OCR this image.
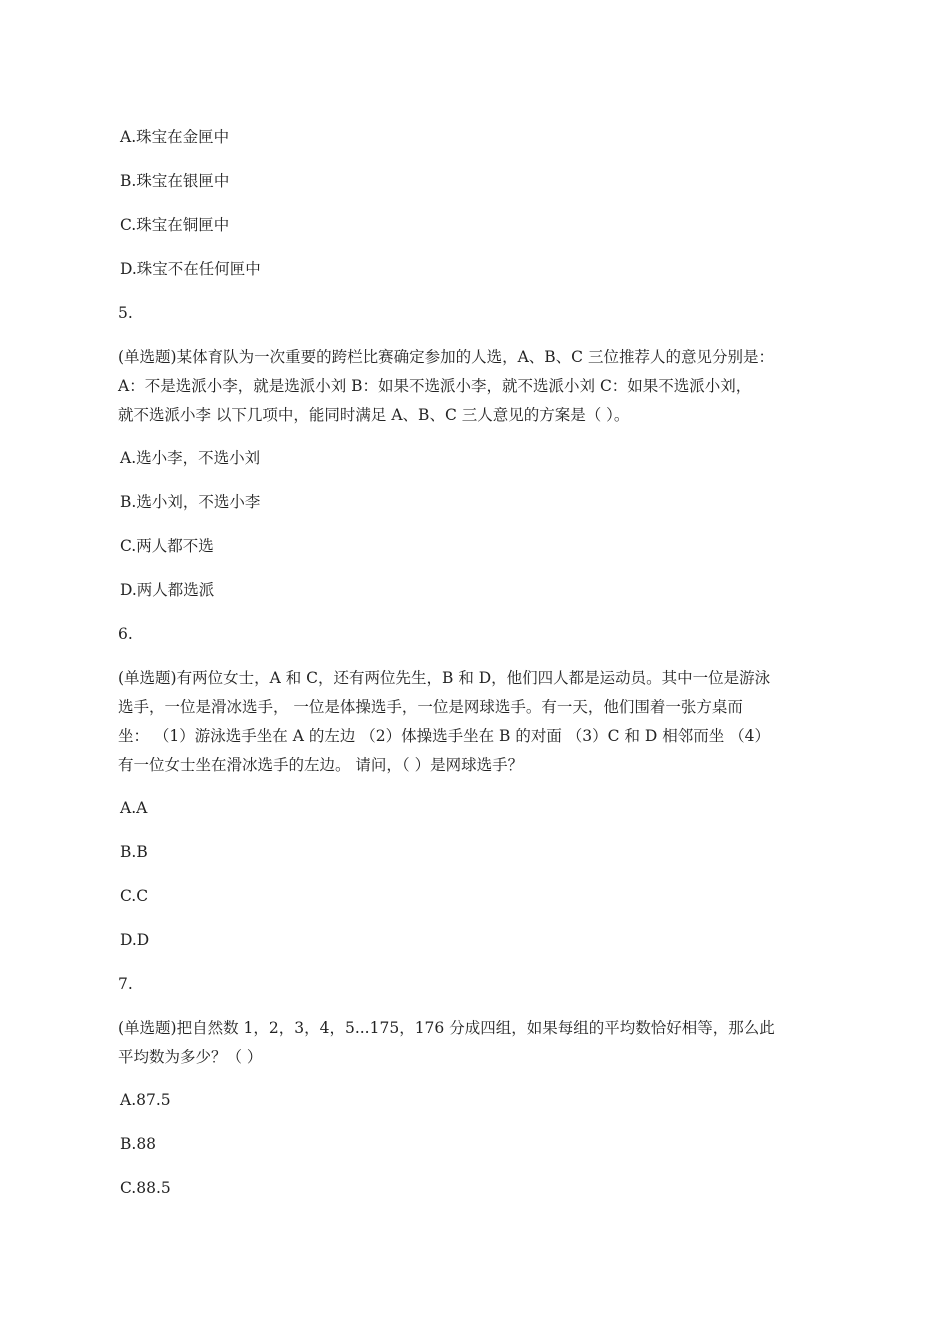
A.珠宝在金匣中
B.珠宝在银匣中
C.珠宝在铜匣中
D.珠宝不在任何匣中
5.
(单选题)某体育队为一次重要的跨栏比赛确定参加的人选，A、B、C 三位推荐人的意见分别是：
A：不是选派小李，就是选派小刘 B：如果不选派小李，就不选派小刘 C：如果不选派小刘，
就不选派小李 以下几项中，能同时满足 A、B、C 三人意见的方案是（ ）。
A.选小李，不选小刘
B.选小刘，不选小李
C.两人都不选
D.两人都选派
6.
(单选题)有两位女士，A 和 C，还有两位先生，B 和 D，他们四人都是运动员。其中一位是游泳
选手，一位是滑冰选手， 一位是体操选手，一位是网球选手。有一天，他们围着一张方桌而
坐： （1）游泳选手坐在 A 的左边 （2）体操选手坐在 B 的对面 （3）C 和 D 相邻而坐 （4）
有一位女士坐在滑冰选手的左边。 请问，（ ）是网球选手？
A.A
B.B
C.C
D.D
7.
(单选题)把自然数 1，2，3，4，5...175，176 分成四组，如果每组的平均数恰好相等，那么此
平均数为多少？（ ）
A.87.5
B.88
C.88.5
